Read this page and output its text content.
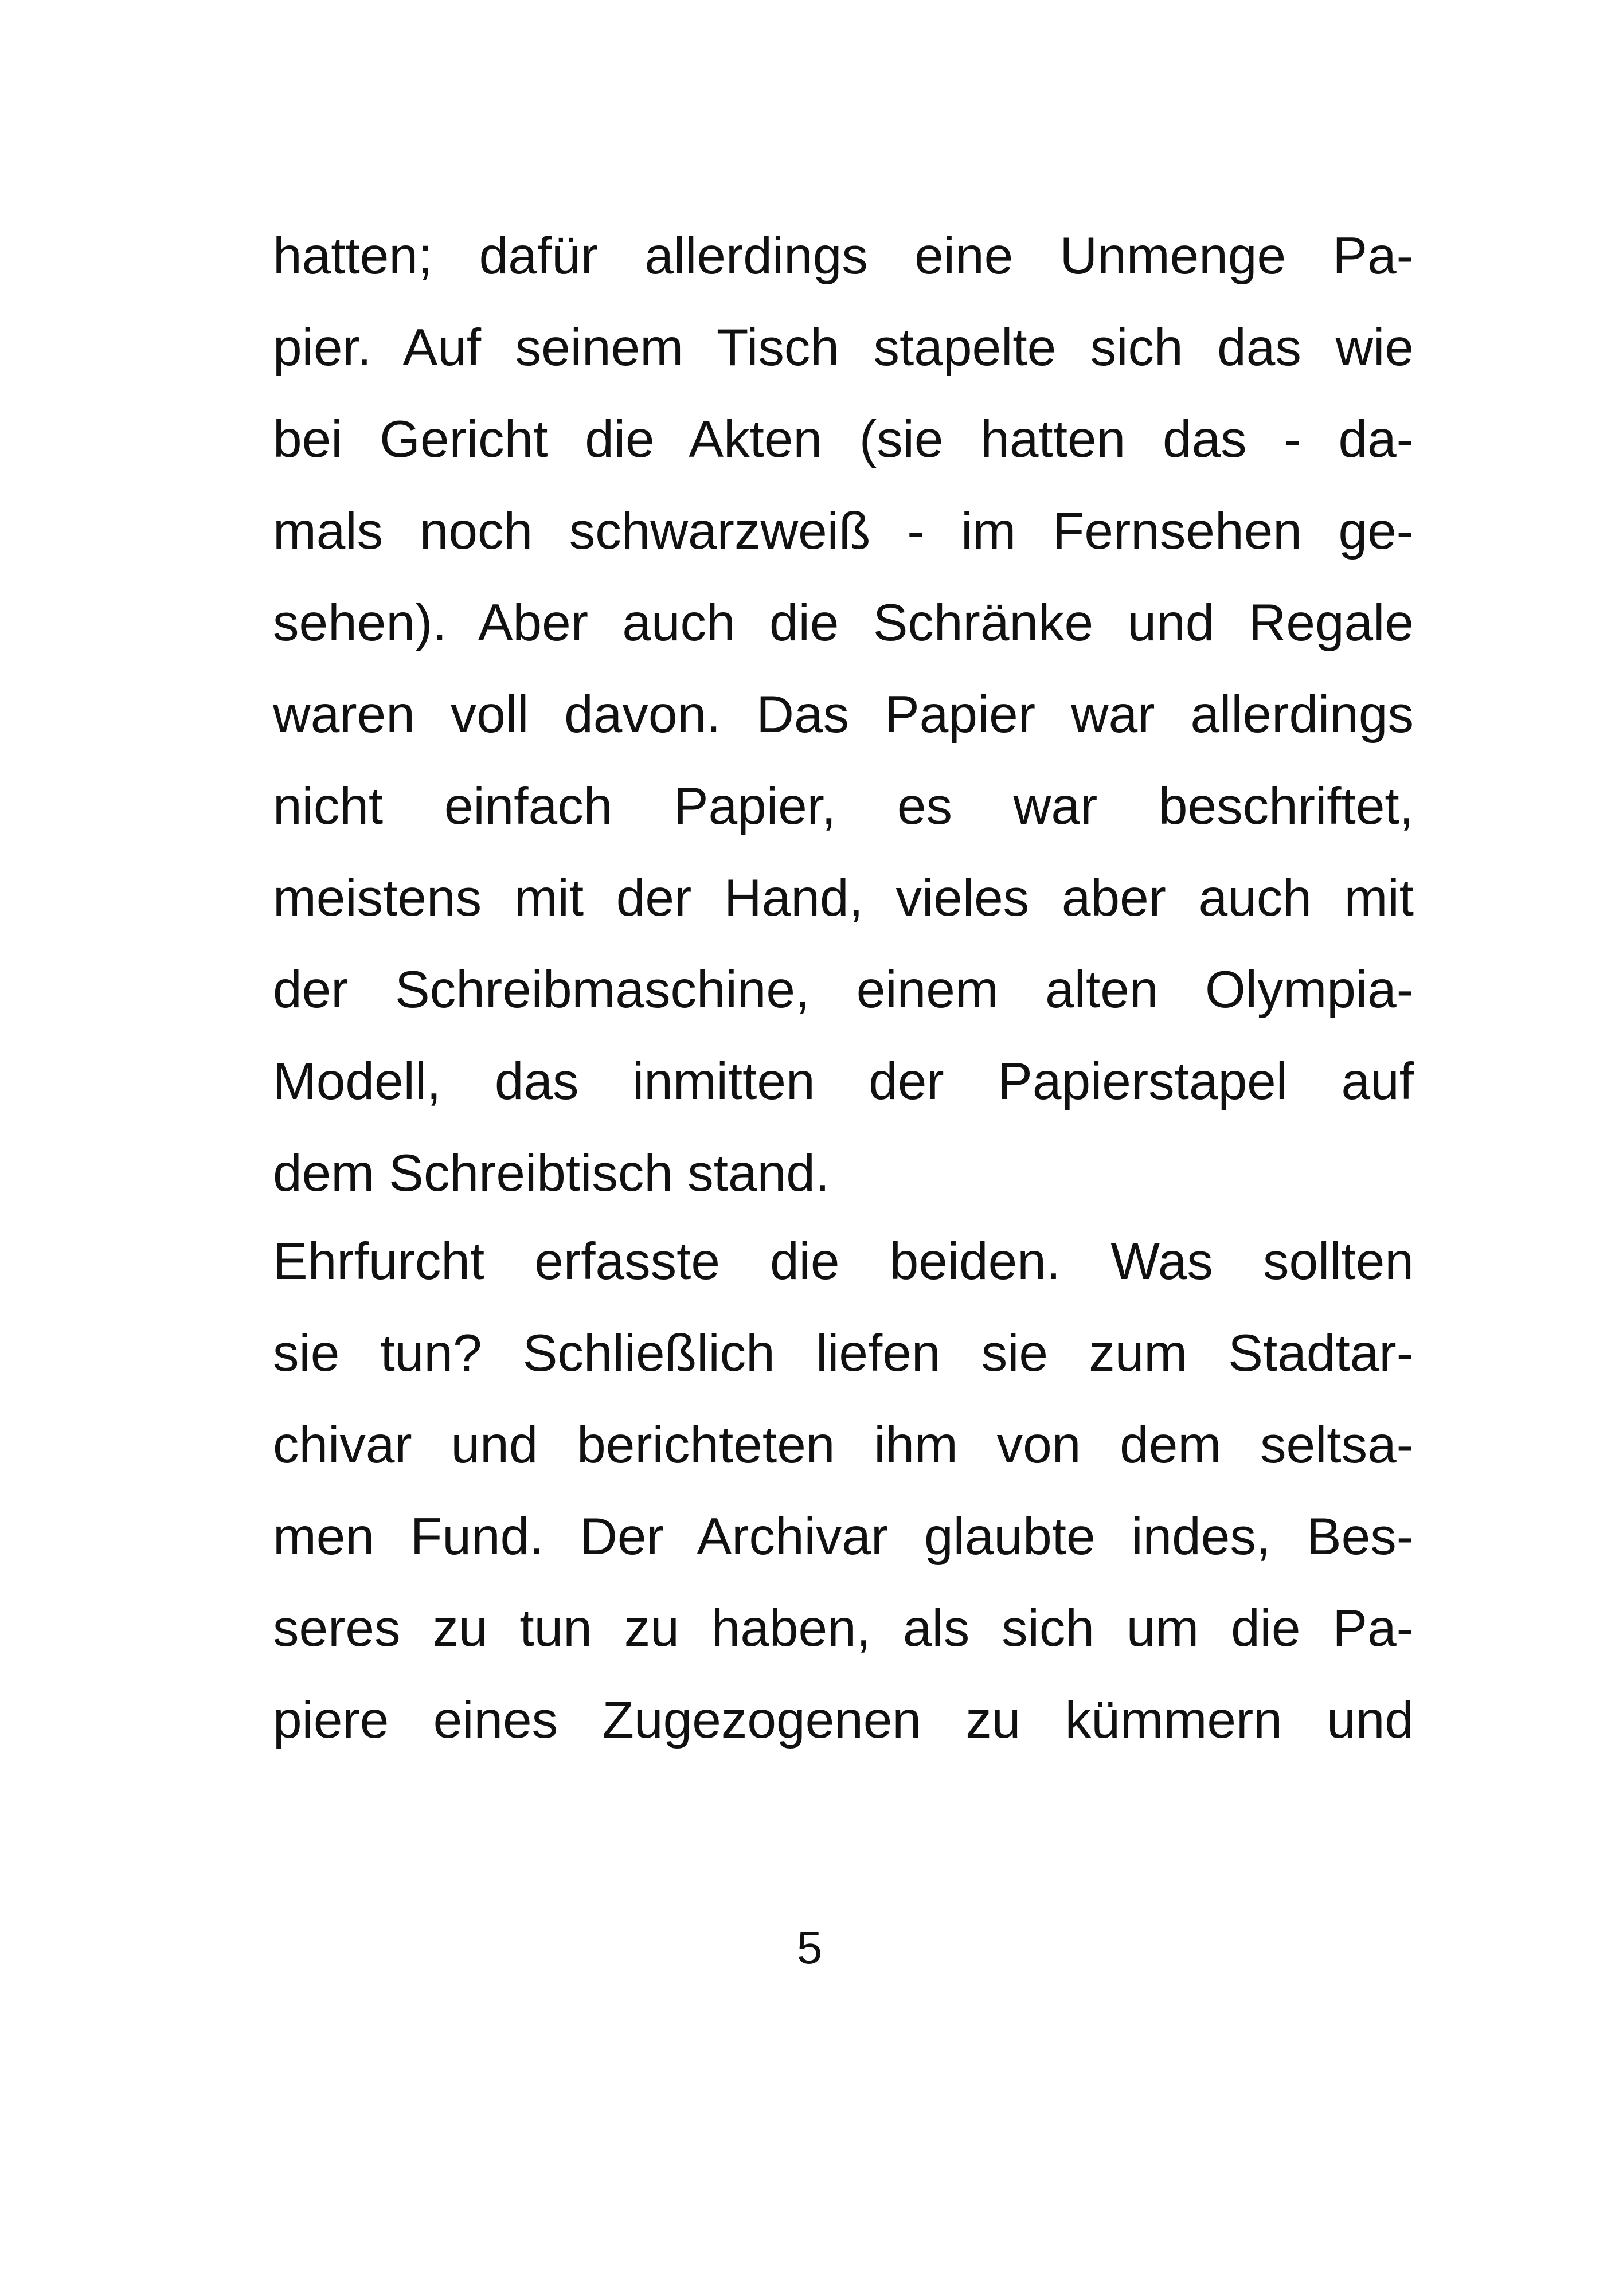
hatten; dafür allerdings eine Unmenge Pa-
pier. Auf seinem Tisch stapelte sich das wie
bei Gericht die Akten (sie hatten das - da-
mals noch schwarzweiß - im Fernsehen ge-
sehen). Aber auch die Schränke und Regale
waren voll davon. Das Papier war allerdings
nicht einfach Papier, es war beschriftet,
meistens mit der Hand, vieles aber auch mit
der Schreibmaschine, einem alten Olympia-
Modell, das inmitten der Papierstapel auf
dem Schreibtisch stand.
Ehrfurcht erfasste die beiden. Was sollten
sie tun? Schließlich liefen sie zum Stadtar-
chivar und berichteten ihm von dem seltsa-
men Fund. Der Archivar glaubte indes, Bes-
seres zu tun zu haben, als sich um die Pa-
piere eines Zugezogenen zu kümmern und
5
